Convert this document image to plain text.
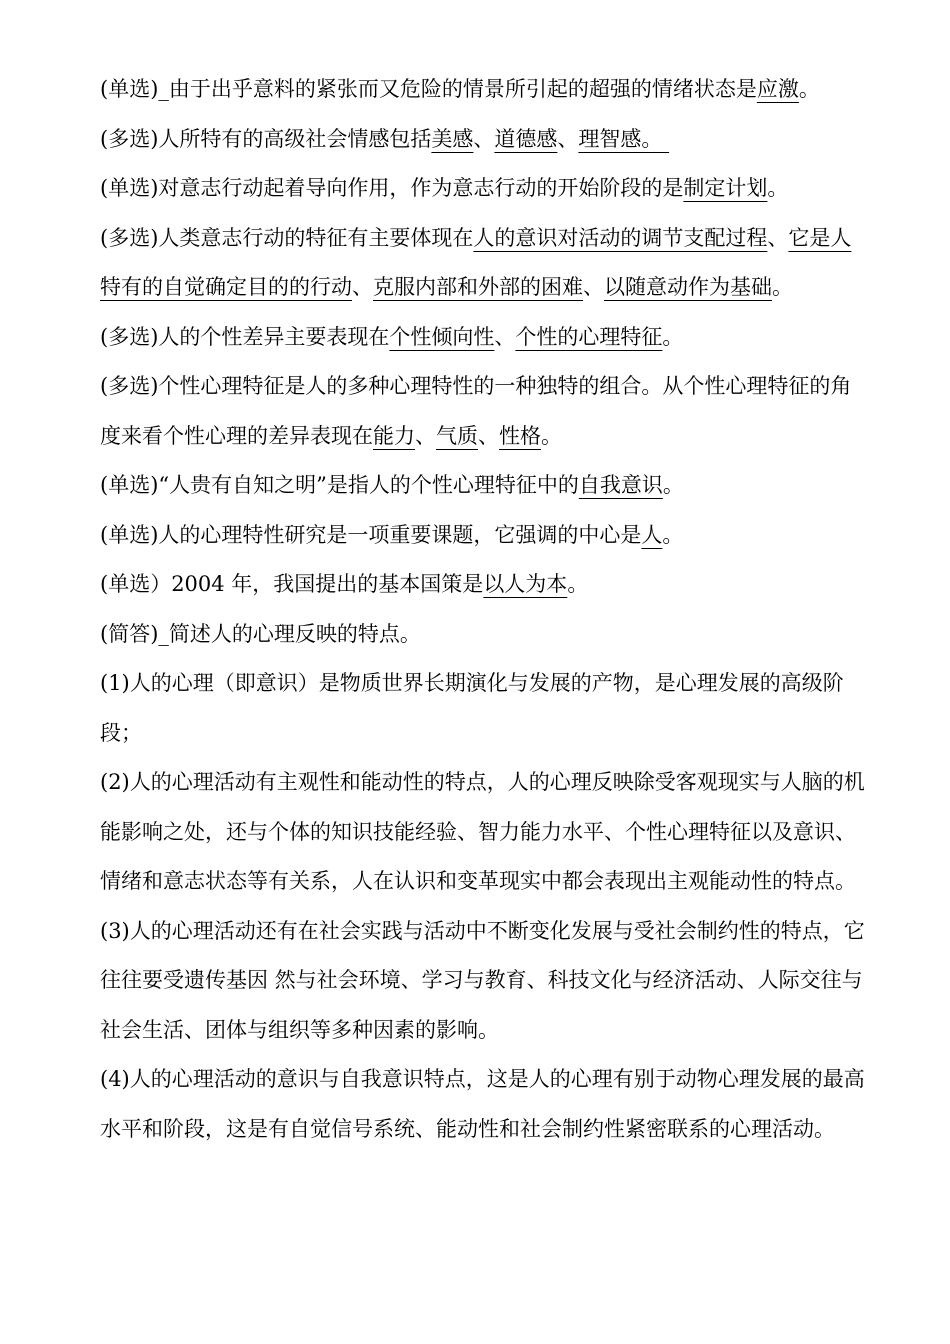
(单选)_由于出乎意料的紧张而又危险的情景所引起的超强的情绪状态是应激。

(多选)人所特有的高级社会情感包括美感、道德感、理智感。

(单选)对意志行动起着导向作用，作为意志行动的开始阶段的是制定计划。

(多选)人类意志行动的特征有主要体现在人的意识对活动的调节支配过程、它是人特有的自觉确定目的的行动、克服内部和外部的困难、以随意动作为基础。

(多选)人的个性差异主要表现在个性倾向性、个性的心理特征。

(多选)个性心理特征是人的多种心理特性的一种独特的组合。从个性心理特征的角度来看个性心理的差异表现在能力、气质、性格。

(单选)“人贵有自知之明”是指人的个性心理特征中的自我意识。

(单选)人的心理特性研究是一项重要课题，它强调的中心是人。

(单选）2004 年，我国提出的基本国策是以人为本。

(简答)_简述人的心理反映的特点。

(1)人的心理（即意识）是物质世界长期演化与发展的产物，是心理发展的高级阶段；

(2)人的心理活动有主观性和能动性的特点，人的心理反映除受客观现实与人脑的机能影响之处，还与个体的知识技能经验、智力能力水平、个性心理特征以及意识、情绪和意志状态等有关系，人在认识和变革现实中都会表现出主观能动性的特点。

(3)人的心理活动还有在社会实践与活动中不断变化发展与受社会制约性的特点，它往往要受遗传基因 然与社会环境、学习与教育、科技文化与经济活动、人际交往与社会生活、团体与组织等多种因素的影响。

(4)人的心理活动的意识与自我意识特点，这是人的心理有别于动物心理发展的最高水平和阶段，这是有自觉信号系统、能动性和社会制约性紧密联系的心理活动。
